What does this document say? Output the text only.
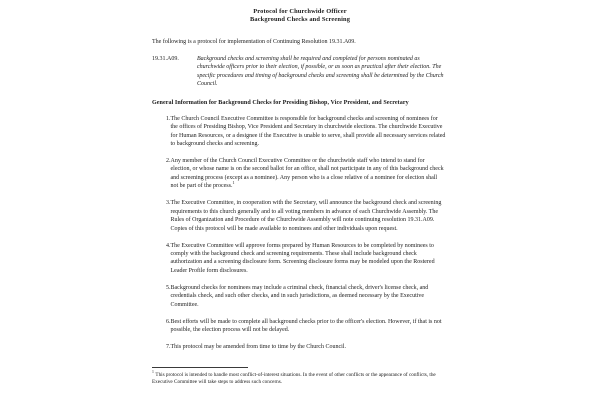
Protocol for Churchwide Officer
Background Checks and Screening

The following is a protocol for implementation of Continuing Resolution 19.31.A09.

19.31.A09.	Background checks and screening shall be required and completed for persons nominated as churchwide officers prior to their election, if possible, or as soon as practical after their election. The specific procedures and timing of background checks and screening shall be determined by the Church Council.

General Information for Background Checks for Presiding Bishop, Vice President, and Secretary

1. The Church Council Executive Committee is responsible for background checks and screening of nominees for the offices of Presiding Bishop, Vice President and Secretary in churchwide elections. The churchwide Executive for Human Resources, or a designee if the Executive is unable to serve, shall provide all necessary services related to background checks and screening.
2. Any member of the Church Council Executive Committee or the churchwide staff who intend to stand for election, or whose name is on the second ballot for an office, shall not participate in any of this background check and screening process (except as a nominee). Any person who is a close relative of a nominee for election shall not be part of the process.$^1$
3. The Executive Committee, in cooperation with the Secretary, will announce the background check and screening requirements to this church generally and to all voting members in advance of each Churchwide Assembly. The Rules of Organization and Procedure of the Churchwide Assembly will note continuing resolution 19.31.A09. Copies of this protocol will be made available to nominees and other individuals upon request.
4. The Executive Committee will approve forms prepared by Human Resources to be completed by nominees to comply with the background check and screening requirements. These shall include background check authorization and a screening disclosure form. Screening disclosure forms may be modeled upon the Rostered Leader Profile form disclosures.
5. Background checks for nominees may include a criminal check, financial check, driver's license check, and credentials check, and such other checks, and in such jurisdictions, as deemed necessary by the Executive Committee.
6. Best efforts will be made to complete all background checks prior to the officer's election. However, if that is not possible, the election process will not be delayed.
7. This protocol may be amended from time to time by the Church Council.

$^1$ This protocol is intended to handle most conflict-of-interest situations. In the event of other conflicts or the appearance of conflicts, the Executive Committee will take steps to address such concerns.
